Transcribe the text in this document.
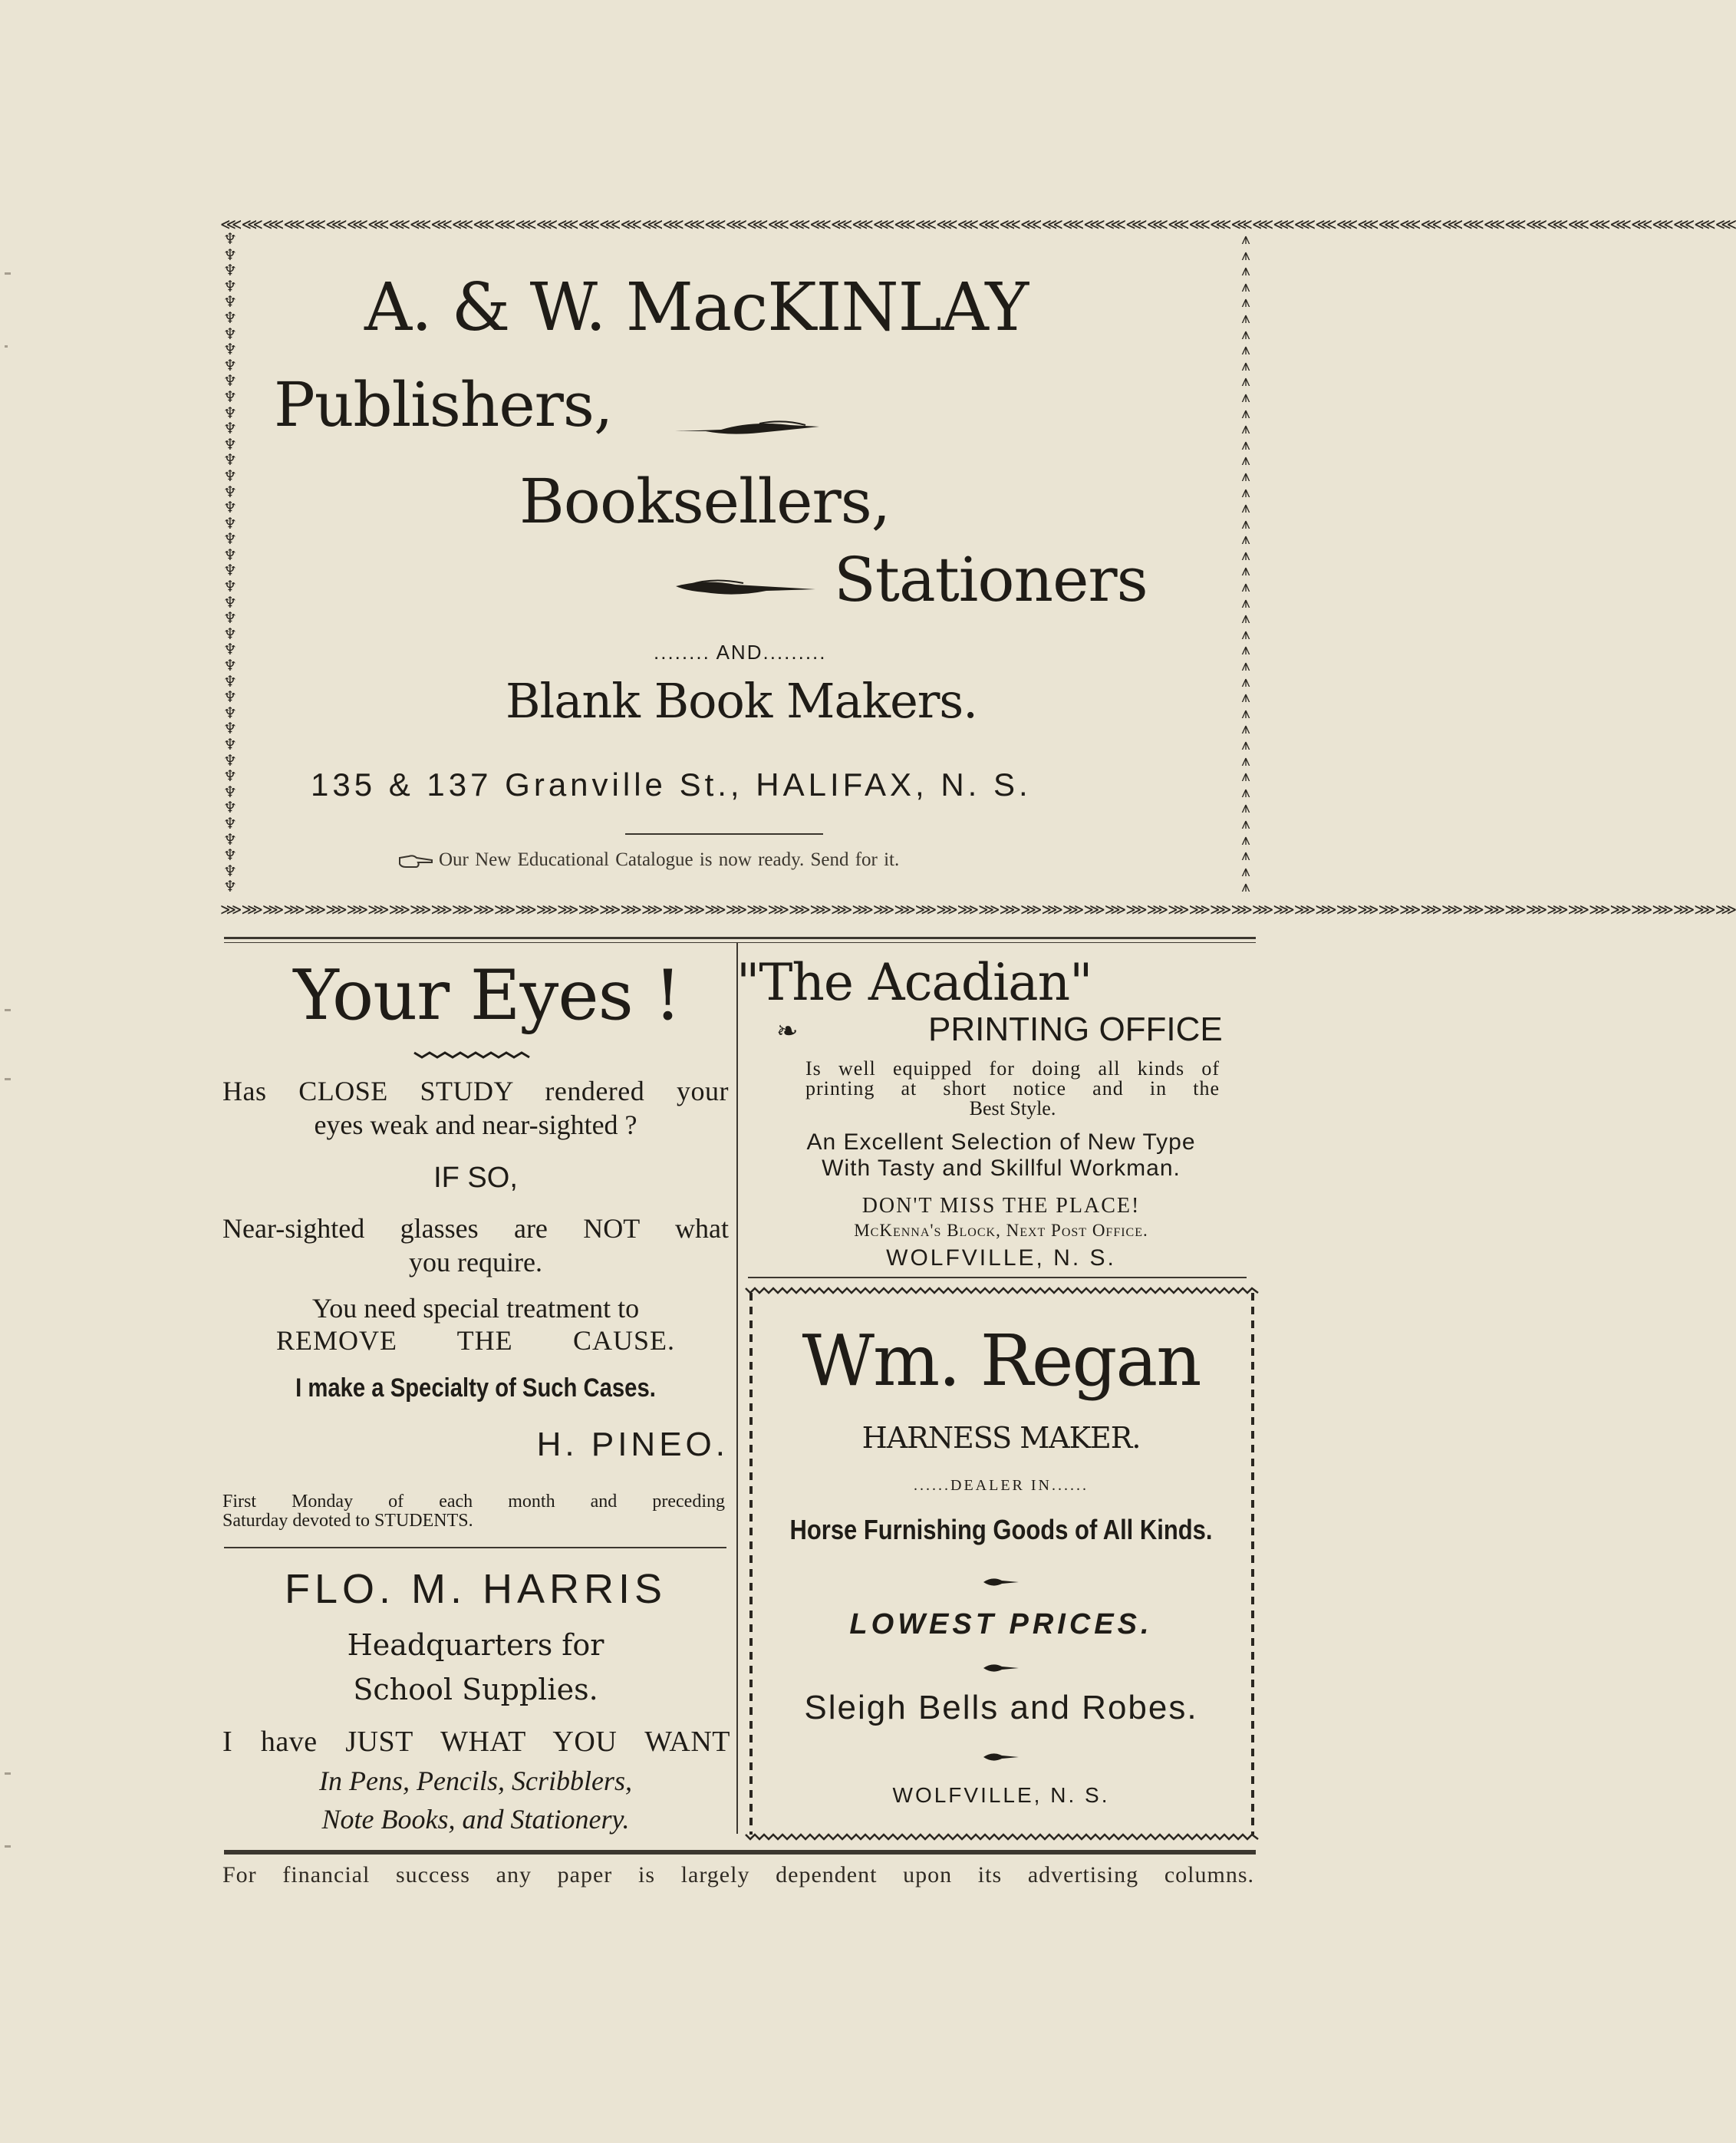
⋘⋘⋘⋘⋘⋘⋘⋘⋘⋘⋘⋘⋘⋘⋘⋘⋘⋘⋘⋘⋘⋘⋘⋘⋘⋘⋘⋘⋘⋘⋘⋘⋘⋘⋘⋘⋘⋘⋘⋘⋘⋘⋘⋘⋘⋘⋘⋘⋘⋘⋘⋘⋘⋘⋘⋘⋘⋘⋘⋘⋘⋘⋘⋘⋘⋘⋘⋘⋘⋘⋘⋘
⋙⋙⋙⋙⋙⋙⋙⋙⋙⋙⋙⋙⋙⋙⋙⋙⋙⋙⋙⋙⋙⋙⋙⋙⋙⋙⋙⋙⋙⋙⋙⋙⋙⋙⋙⋙⋙⋙⋙⋙⋙⋙⋙⋙⋙⋙⋙⋙⋙⋙⋙⋙⋙⋙⋙⋙⋙⋙⋙⋙⋙⋙⋙⋙⋙⋙⋙⋙⋙⋙⋙⋙
♆
♆
♆
♆
♆
♆
♆
♆
♆
♆
♆
♆
♆
♆
♆
♆
♆
♆
♆
♆
♆
♆
♆
♆
♆
♆
♆
♆
♆
♆
♆
♆
♆
♆
♆
♆
♆
♆
♆
♆
♆
♆
⩚
⩚
⩚
⩚
⩚
⩚
⩚
⩚
⩚
⩚
⩚
⩚
⩚
⩚
⩚
⩚
⩚
⩚
⩚
⩚
⩚
⩚
⩚
⩚
⩚
⩚
⩚
⩚
⩚
⩚
⩚
⩚
⩚
⩚
⩚
⩚
⩚
⩚
⩚
⩚
⩚
⩚
A. & W. MacKINLAY
Publishers,
Booksellers,
Stationers
........ AND.........
Blank Book Makers.
135 & 137 Granville St., HALIFAX, N. S.
Our New Educational Catalogue is now ready. Send for it.
Your Eyes !
Has CLOSE STUDY rendered your
eyes weak and near-sighted ?
IF SO,
Near-sighted glasses are NOT what
you require.
You need special treatment to
REMOVE THE CAUSE.
I make a Specialty of Such Cases.
H. PINEO.
First Monday of each month and preceding
Saturday devoted to STUDENTS.
FLO. M. HARRIS
Headquarters for
School Supplies.
I have JUST WHAT YOU WANT
In Pens, Pencils, Scribblers,
Note Books, and Stationery.
"The Acadian"
❧	PRINTING OFFICE
Is well equipped for doing all kinds of
printing at short notice and in the
Best Style.
An Excellent Selection of New Type
With Tasty and Skillful Workman.
DON'T MISS THE PLACE!
McKenna's Block, Next Post Office.
WOLFVILLE, N. S.
Wm. Regan
HARNESS MAKER.
......DEALER IN......
Horse Furnishing Goods of All Kinds.
LOWEST PRICES.
Sleigh Bells and Robes.
WOLFVILLE, N. S.
For financial success any paper is largely dependent upon its advertising columns.
